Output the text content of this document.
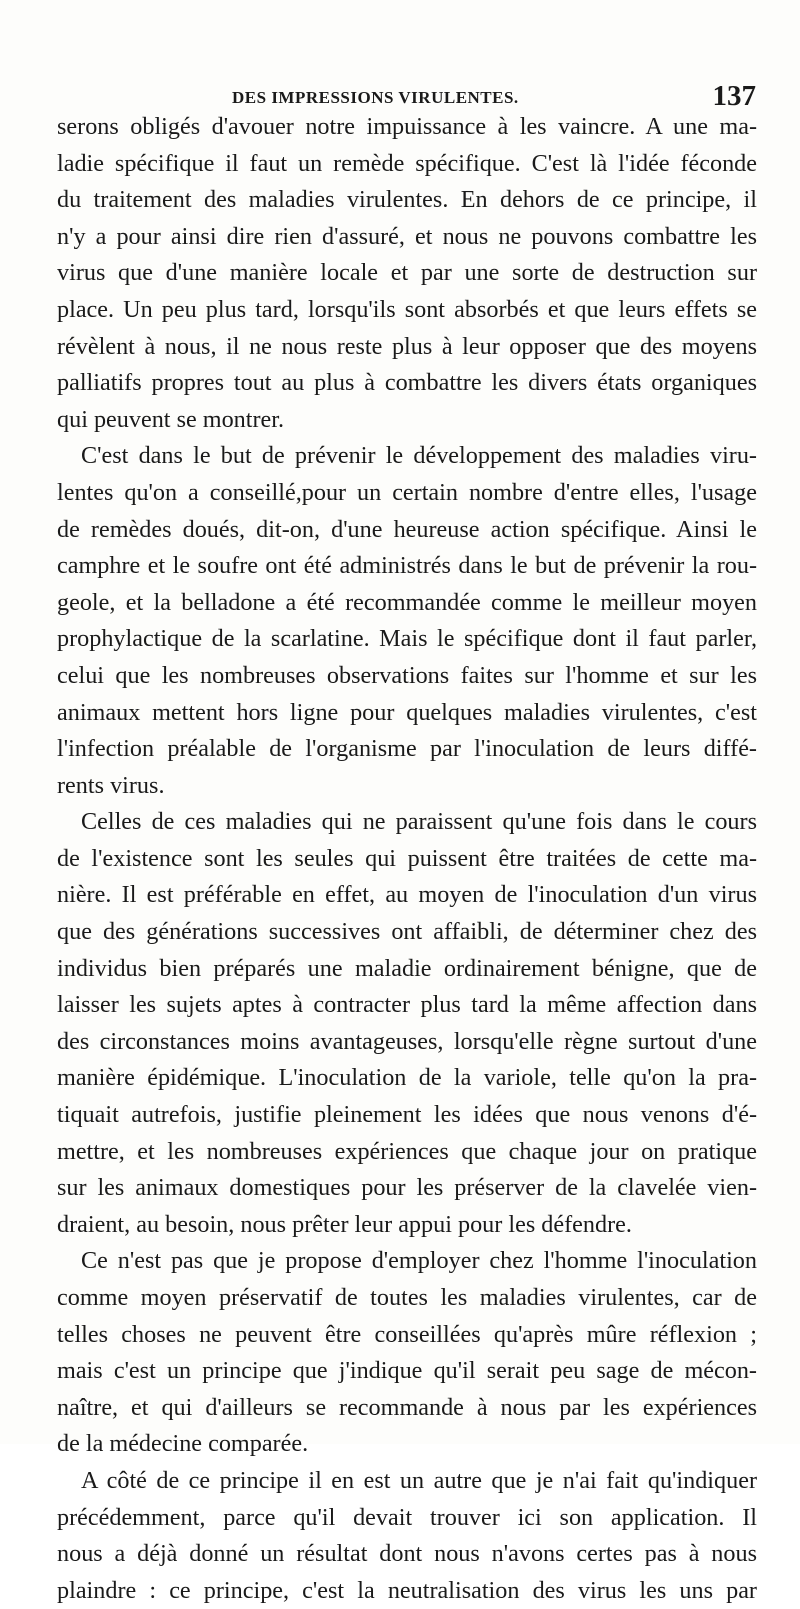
DES IMPRESSIONS VIRULENTES.	137
serons obligés d'avouer notre impuissance à les vaincre. A une ma-
ladie spécifique il faut un remède spécifique. C'est là l'idée féconde
du traitement des maladies virulentes. En dehors de ce principe, il
n'y a pour ainsi dire rien d'assuré, et nous ne pouvons combattre les
virus que d'une manière locale et par une sorte de destruction sur
place. Un peu plus tard, lorsqu'ils sont absorbés et que leurs effets se
révèlent à nous, il ne nous reste plus à leur opposer que des moyens
palliatifs propres tout au plus à combattre les divers états organiques
qui peuvent se montrer.
C'est dans le but de prévenir le développement des maladies viru-
lentes qu'on a conseillé,pour un certain nombre d'entre elles, l'usage
de remèdes doués, dit-on, d'une heureuse action spécifique. Ainsi le
camphre et le soufre ont été administrés dans le but de prévenir la rou-
geole, et la belladone a été recommandée comme le meilleur moyen
prophylactique de la scarlatine. Mais le spécifique dont il faut parler,
celui que les nombreuses observations faites sur l'homme et sur les
animaux mettent hors ligne pour quelques maladies virulentes, c'est
l'infection préalable de l'organisme par l'inoculation de leurs diffé-
rents virus.
Celles de ces maladies qui ne paraissent qu'une fois dans le cours
de l'existence sont les seules qui puissent être traitées de cette ma-
nière. Il est préférable en effet, au moyen de l'inoculation d'un virus
que des générations successives ont affaibli, de déterminer chez des
individus bien préparés une maladie ordinairement bénigne, que de
laisser les sujets aptes à contracter plus tard la même affection dans
des circonstances moins avantageuses, lorsqu'elle règne surtout d'une
manière épidémique. L'inoculation de la variole, telle qu'on la pra-
tiquait autrefois, justifie pleinement les idées que nous venons d'é-
mettre, et les nombreuses expériences que chaque jour on pratique
sur les animaux domestiques pour les préserver de la clavelée vien-
draient, au besoin, nous prêter leur appui pour les défendre.
Ce n'est pas que je propose d'employer chez l'homme l'inoculation
comme moyen préservatif de toutes les maladies virulentes, car de
telles choses ne peuvent être conseillées qu'après mûre réflexion ;
mais c'est un principe que j'indique qu'il serait peu sage de mécon-
naître, et qui d'ailleurs se recommande à nous par les expériences
de la médecine comparée.
A côté de ce principe il en est un autre que je n'ai fait qu'indiquer
précédemment, parce qu'il devait trouver ici son application. Il
nous a déjà donné un résultat dont nous n'avons certes pas à nous
plaindre : ce principe, c'est la neutralisation des virus les uns par
